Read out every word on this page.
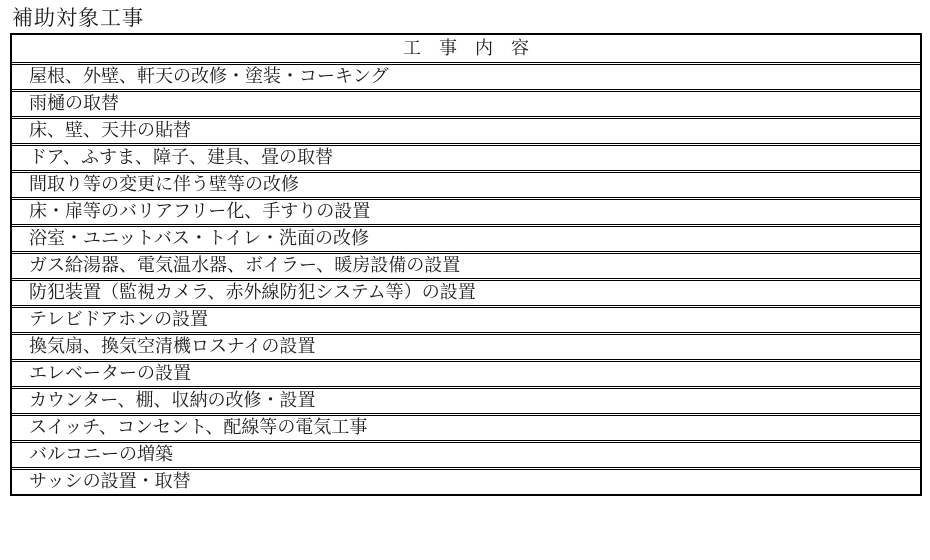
補助対象工事
工　事　内　容
屋根、外壁、軒天の改修・塗装・コーキング
雨樋の取替
床、壁、天井の貼替
ドア、ふすま、障子、建具、畳の取替
間取り等の変更に伴う壁等の改修
床・扉等のバリアフリー化、手すりの設置
浴室・ユニットバス・トイレ・洗面の改修
ガス給湯器、電気温水器、ボイラー、暖房設備の設置
防犯装置（監視カメラ、赤外線防犯システム等）の設置
テレビドアホンの設置
換気扇、換気空清機ロスナイの設置
エレベーターの設置
カウンター、棚、収納の改修・設置
スイッチ、コンセント、配線等の電気工事
バルコニーの増築
サッシの設置・取替
